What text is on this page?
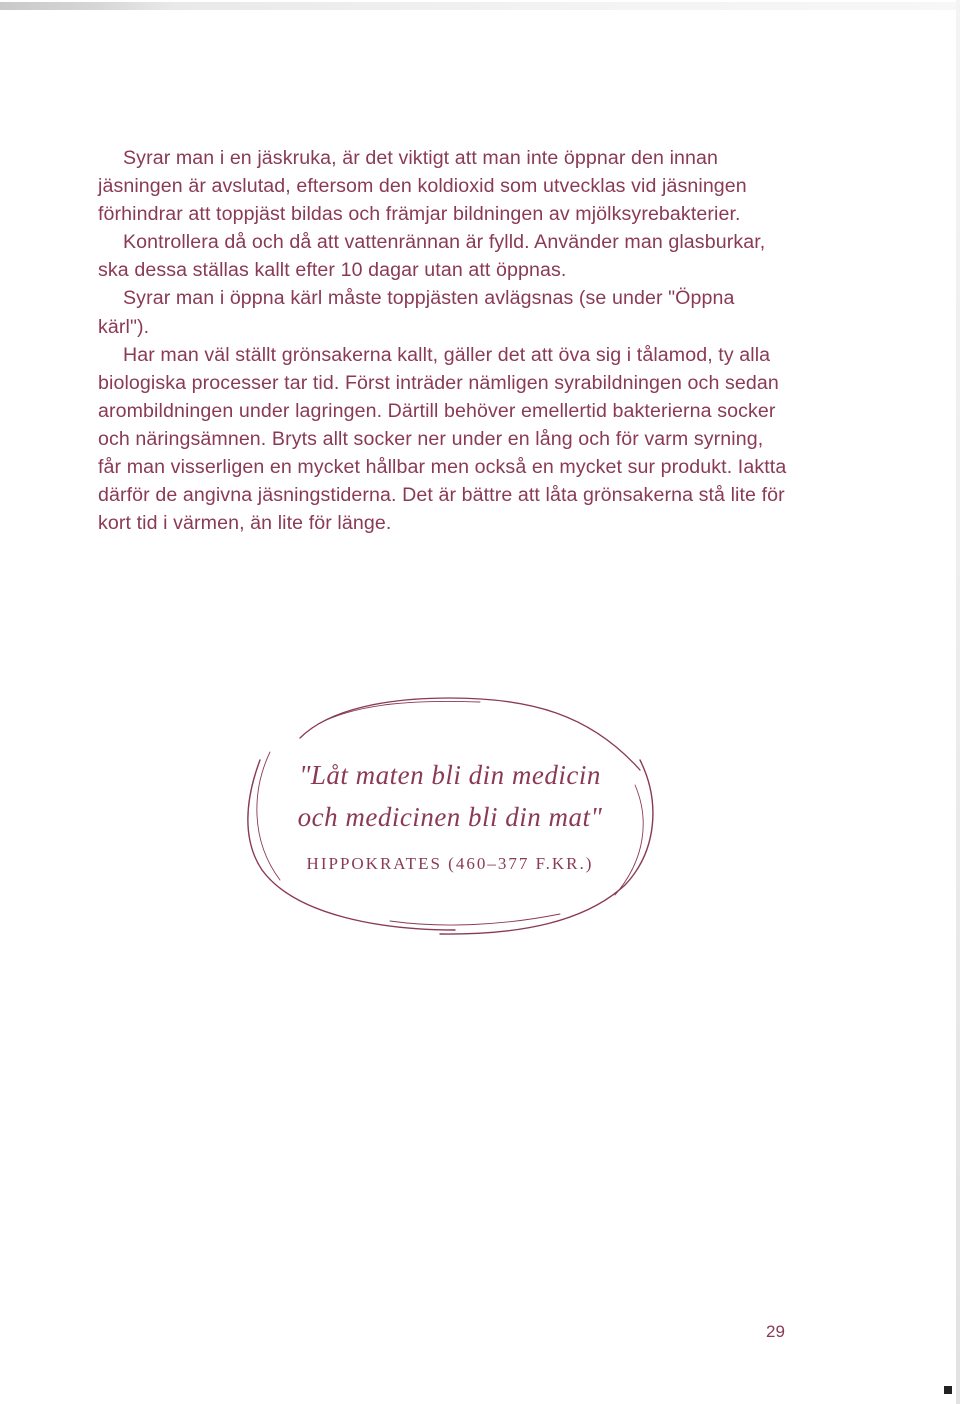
Syrar man i en jäskruka, är det viktigt att man inte öppnar den innan jäsningen är avslutad, eftersom den koldioxid som utvecklas vid jäsningen förhindrar att toppjäst bildas och främjar bildningen av mjölksyrebakterier.

Kontrollera då och då att vattenrännan är fylld. Använder man glasburkar, ska dessa ställas kallt efter 10 dagar utan att öppnas.

Syrar man i öppna kärl måste toppjästen avlägsnas (se under "Öppna kärl").

Har man väl ställt grönsakerna kallt, gäller det att öva sig i tålamod, ty alla biologiska processer tar tid. Först inträder nämligen syrabildningen och sedan arombildningen under lagringen. Därtill behöver emellertid bakterierna socker och näringsämnen. Bryts allt socker ner under en lång och för varm syrning, får man visserligen en mycket hållbar men också en mycket sur produkt. Iaktta därför de angivna jäsningstiderna. Det är bättre att låta grönsakerna stå lite för kort tid i värmen, än lite för länge.

"Låt maten bli din medicin
och medicinen bli din mat"
HIPPOKRATES (460–377 F.KR.)
29
